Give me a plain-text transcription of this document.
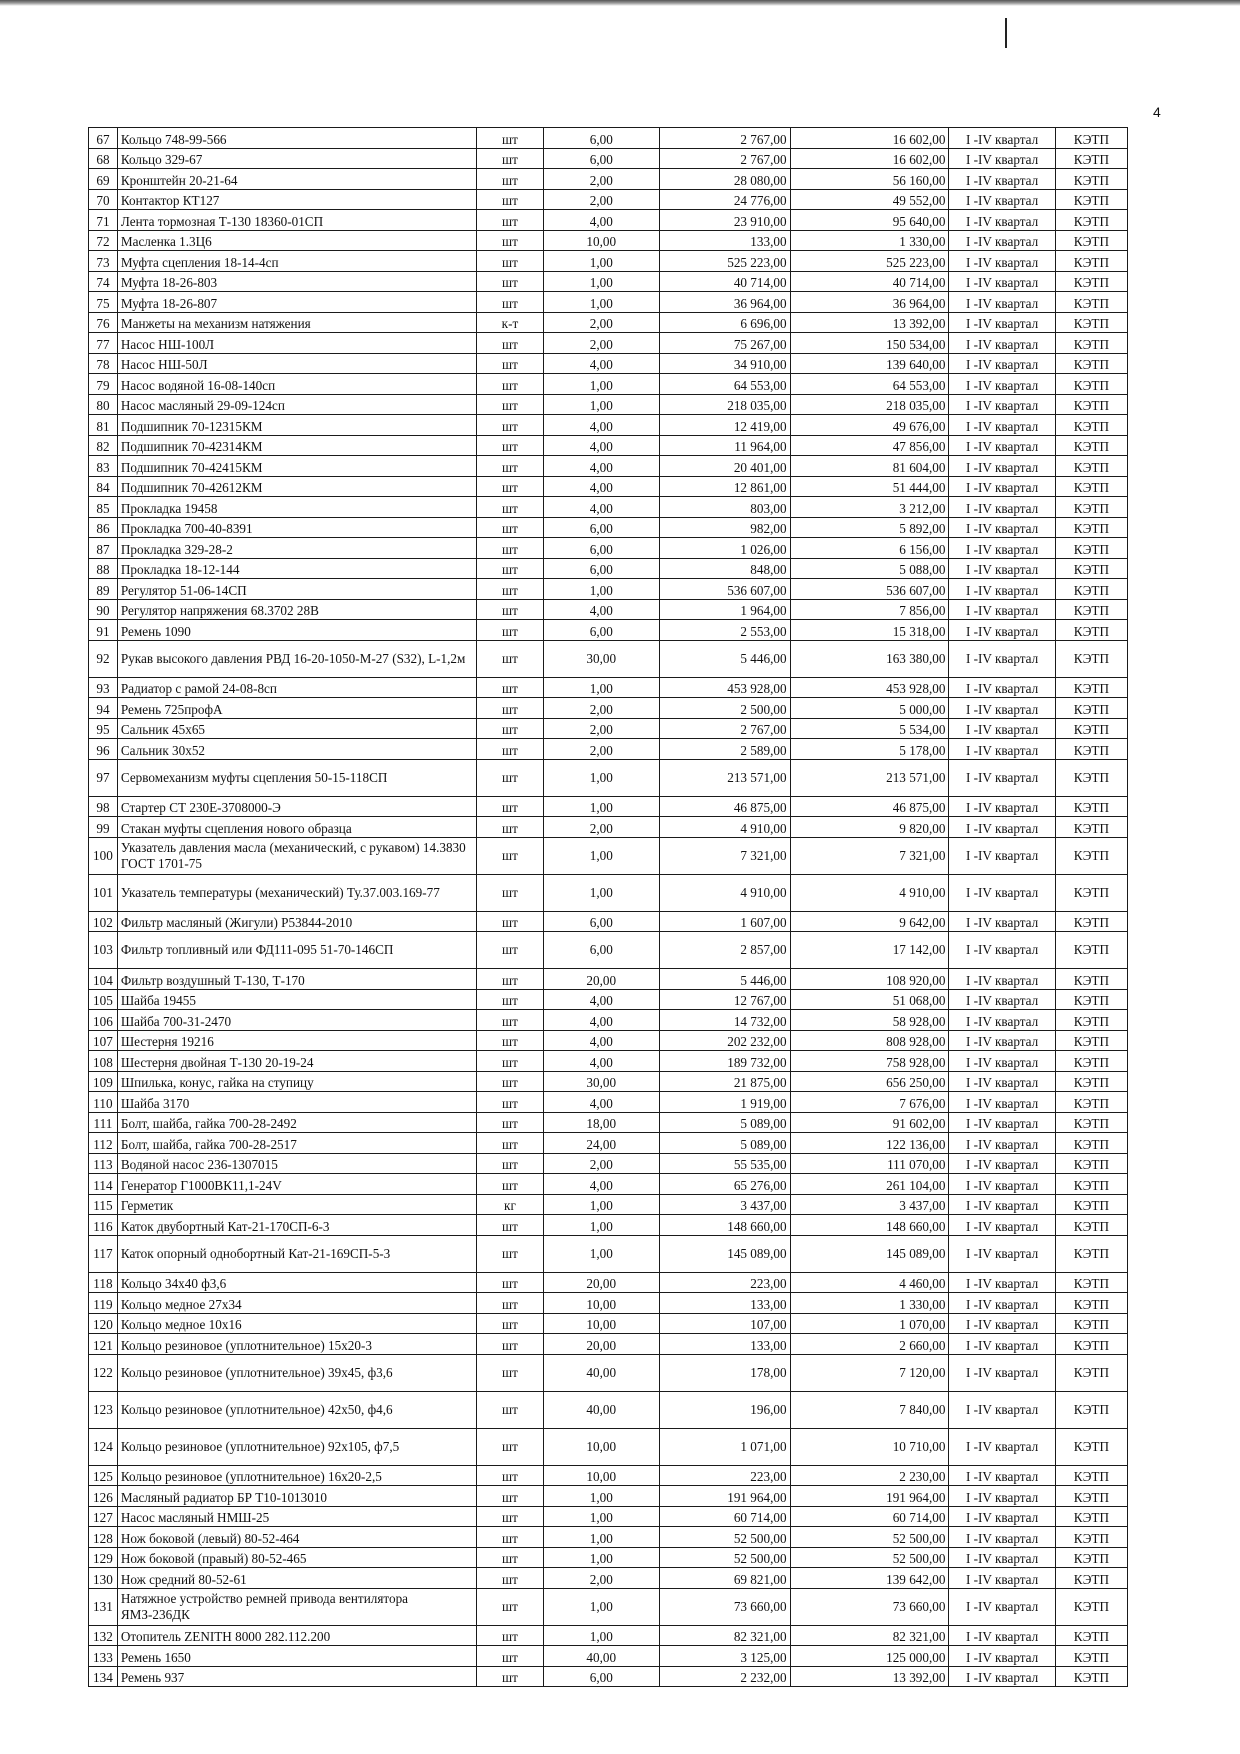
4
67	Кольцо 748-99-566	шт	6,00	2 767,00	16 602,00	I -IV квартал	КЭТП
68	Кольцо 329-67	шт	6,00	2 767,00	16 602,00	I -IV квартал	КЭТП
69	Кронштейн 20-21-64	шт	2,00	28 080,00	56 160,00	I -IV квартал	КЭТП
70	Контактор КТ127	шт	2,00	24 776,00	49 552,00	I -IV квартал	КЭТП
71	Лента тормозная Т-130 18360-01СП	шт	4,00	23 910,00	95 640,00	I -IV квартал	КЭТП
72	Масленка 1.3Ц6	шт	10,00	133,00	1 330,00	I -IV квартал	КЭТП
73	Муфта сцепления 18-14-4сп	шт	1,00	525 223,00	525 223,00	I -IV квартал	КЭТП
74	Муфта 18-26-803	шт	1,00	40 714,00	40 714,00	I -IV квартал	КЭТП
75	Муфта 18-26-807	шт	1,00	36 964,00	36 964,00	I -IV квартал	КЭТП
76	Манжеты на механизм натяжения	к-т	2,00	6 696,00	13 392,00	I -IV квартал	КЭТП
77	Насос НШ-100Л	шт	2,00	75 267,00	150 534,00	I -IV квартал	КЭТП
78	Насос НШ-50Л	шт	4,00	34 910,00	139 640,00	I -IV квартал	КЭТП
79	Насос водяной 16-08-140сп	шт	1,00	64 553,00	64 553,00	I -IV квартал	КЭТП
80	Насос масляный 29-09-124сп	шт	1,00	218 035,00	218 035,00	I -IV квартал	КЭТП
81	Подшипник 70-12315КМ	шт	4,00	12 419,00	49 676,00	I -IV квартал	КЭТП
82	Подшипник 70-42314КМ	шт	4,00	11 964,00	47 856,00	I -IV квартал	КЭТП
83	Подшипник 70-42415КМ	шт	4,00	20 401,00	81 604,00	I -IV квартал	КЭТП
84	Подшипник 70-42612КМ	шт	4,00	12 861,00	51 444,00	I -IV квартал	КЭТП
85	Прокладка 19458	шт	4,00	803,00	3 212,00	I -IV квартал	КЭТП
86	Прокладка 700-40-8391	шт	6,00	982,00	5 892,00	I -IV квартал	КЭТП
87	Прокладка 329-28-2	шт	6,00	1 026,00	6 156,00	I -IV квартал	КЭТП
88	Прокладка 18-12-144	шт	6,00	848,00	5 088,00	I -IV квартал	КЭТП
89	Регулятор 51-06-14СП	шт	1,00	536 607,00	536 607,00	I -IV квартал	КЭТП
90	Регулятор напряжения 68.3702 28В	шт	4,00	1 964,00	7 856,00	I -IV квартал	КЭТП
91	Ремень 1090	шт	6,00	2 553,00	15 318,00	I -IV квартал	КЭТП
92	Рукав высокого давления РВД 16-20-1050-М-27 (S32), L-1,2м	шт	30,00	5 446,00	163 380,00	I -IV квартал	КЭТП
93	Радиатор с рамой 24-08-8сп	шт	1,00	453 928,00	453 928,00	I -IV квартал	КЭТП
94	Ремень 725профА	шт	2,00	2 500,00	5 000,00	I -IV квартал	КЭТП
95	Сальник 45х65	шт	2,00	2 767,00	5 534,00	I -IV квартал	КЭТП
96	Сальник 30х52	шт	2,00	2 589,00	5 178,00	I -IV квартал	КЭТП
97	Сервомеханизм муфты сцепления 50-15-118СП	шт	1,00	213 571,00	213 571,00	I -IV квартал	КЭТП
98	Стартер СТ 230Е-3708000-Э	шт	1,00	46 875,00	46 875,00	I -IV квартал	КЭТП
99	Стакан муфты сцепления нового образца	шт	2,00	4 910,00	9 820,00	I -IV квартал	КЭТП
100	Указатель давления масла (механический, с рукавом) 14.3830 ГОСТ 1701-75	шт	1,00	7 321,00	7 321,00	I -IV квартал	КЭТП
101	Указатель температуры (механический) Ту.37.003.169-77	шт	1,00	4 910,00	4 910,00	I -IV квартал	КЭТП
102	Фильтр масляный (Жигули) Р53844-2010	шт	6,00	1 607,00	9 642,00	I -IV квартал	КЭТП
103	Фильтр топливный или ФД111-095 51-70-146СП	шт	6,00	2 857,00	17 142,00	I -IV квартал	КЭТП
104	Фильтр воздушный Т-130, Т-170	шт	20,00	5 446,00	108 920,00	I -IV квартал	КЭТП
105	Шайба 19455	шт	4,00	12 767,00	51 068,00	I -IV квартал	КЭТП
106	Шайба 700-31-2470	шт	4,00	14 732,00	58 928,00	I -IV квартал	КЭТП
107	Шестерня 19216	шт	4,00	202 232,00	808 928,00	I -IV квартал	КЭТП
108	Шестерня двойная Т-130 20-19-24	шт	4,00	189 732,00	758 928,00	I -IV квартал	КЭТП
109	Шпилька, конус, гайка на ступицу	шт	30,00	21 875,00	656 250,00	I -IV квартал	КЭТП
110	Шайба 3170	шт	4,00	1 919,00	7 676,00	I -IV квартал	КЭТП
111	Болт, шайба, гайка 700-28-2492	шт	18,00	5 089,00	91 602,00	I -IV квартал	КЭТП
112	Болт, шайба, гайка 700-28-2517	шт	24,00	5 089,00	122 136,00	I -IV квартал	КЭТП
113	Водяной насос 236-1307015	шт	2,00	55 535,00	111 070,00	I -IV квартал	КЭТП
114	Генератор Г1000ВК11,1-24V	шт	4,00	65 276,00	261 104,00	I -IV квартал	КЭТП
115	Герметик	кг	1,00	3 437,00	3 437,00	I -IV квартал	КЭТП
116	Каток двубортный Кат-21-170СП-6-3	шт	1,00	148 660,00	148 660,00	I -IV квартал	КЭТП
117	Каток опорный однобортный Кат-21-169СП-5-3	шт	1,00	145 089,00	145 089,00	I -IV квартал	КЭТП
118	Кольцо 34х40 ф3,6	шт	20,00	223,00	4 460,00	I -IV квартал	КЭТП
119	Кольцо медное 27х34	шт	10,00	133,00	1 330,00	I -IV квартал	КЭТП
120	Кольцо медное 10х16	шт	10,00	107,00	1 070,00	I -IV квартал	КЭТП
121	Кольцо резиновое (уплотнительное) 15х20-3	шт	20,00	133,00	2 660,00	I -IV квартал	КЭТП
122	Кольцо резиновое (уплотнительное) 39х45, ф3,6	шт	40,00	178,00	7 120,00	I -IV квартал	КЭТП
123	Кольцо резиновое (уплотнительное) 42х50, ф4,6	шт	40,00	196,00	7 840,00	I -IV квартал	КЭТП
124	Кольцо резиновое (уплотнительное) 92х105, ф7,5	шт	10,00	1 071,00	10 710,00	I -IV квартал	КЭТП
125	Кольцо резиновое (уплотнительное) 16х20-2,5	шт	10,00	223,00	2 230,00	I -IV квартал	КЭТП
126	Масляный радиатор БР Т10-1013010	шт	1,00	191 964,00	191 964,00	I -IV квартал	КЭТП
127	Насос масляный НМШ-25	шт	1,00	60 714,00	60 714,00	I -IV квартал	КЭТП
128	Нож боковой (левый) 80-52-464	шт	1,00	52 500,00	52 500,00	I -IV квартал	КЭТП
129	Нож боковой (правый) 80-52-465	шт	1,00	52 500,00	52 500,00	I -IV квартал	КЭТП
130	Нож средний 80-52-61	шт	2,00	69 821,00	139 642,00	I -IV квартал	КЭТП
131	Натяжное устройство ремней привода вентилятора ЯМЗ-236ДК	шт	1,00	73 660,00	73 660,00	I -IV квартал	КЭТП
132	Отопитель ZENITH 8000 282.112.200	шт	1,00	82 321,00	82 321,00	I -IV квартал	КЭТП
133	Ремень 1650	шт	40,00	3 125,00	125 000,00	I -IV квартал	КЭТП
134	Ремень 937	шт	6,00	2 232,00	13 392,00	I -IV квартал	КЭТП
